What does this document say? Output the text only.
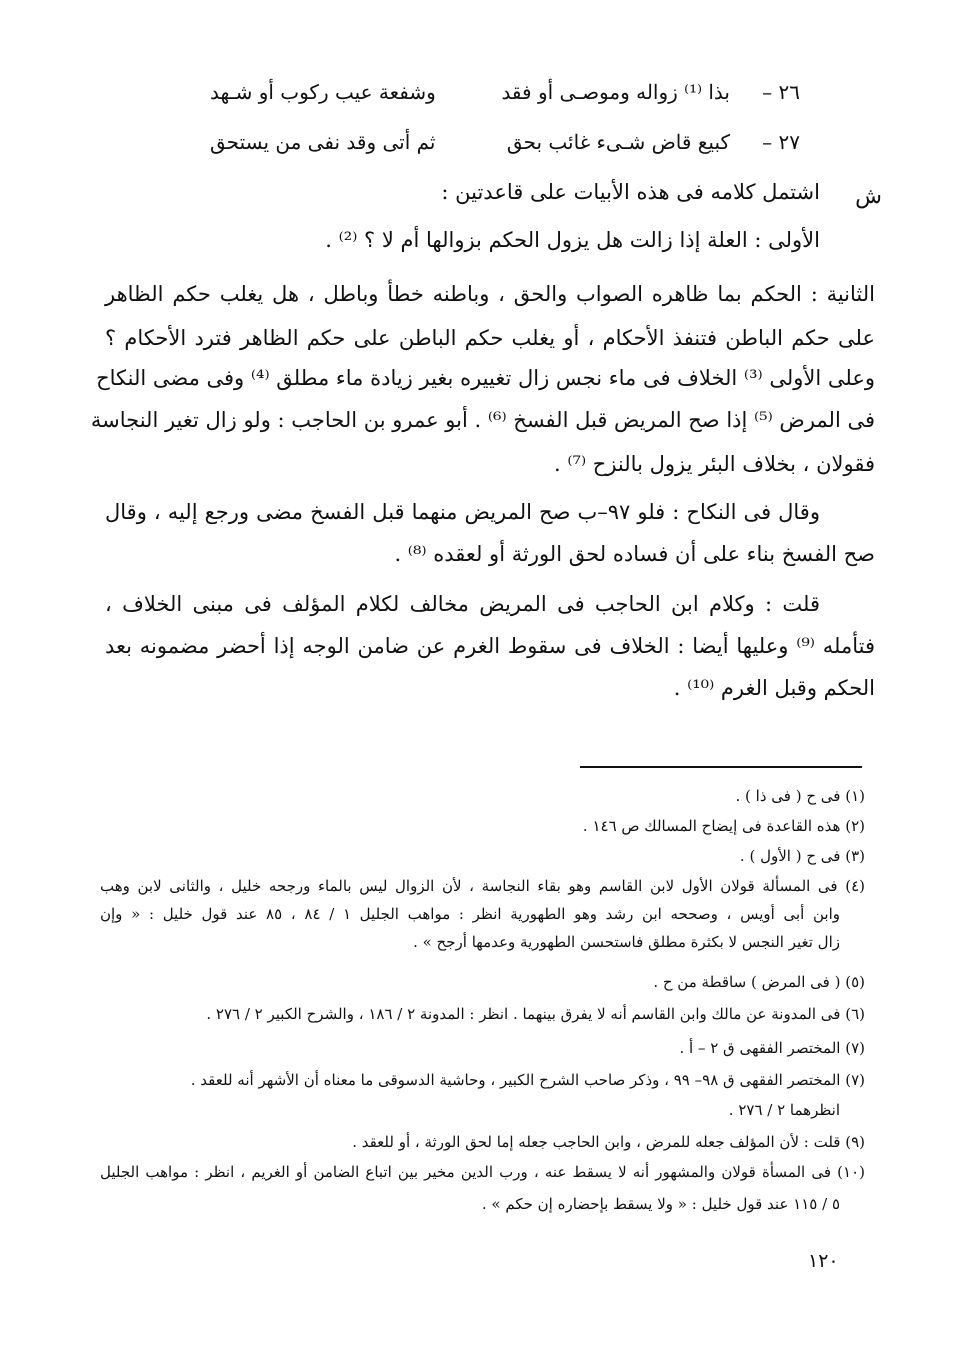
٢٦ –
بذا ⁽¹⁾ زواله وموصـى أو فقد
وشفعة عيب ركوب أو شـهد
٢٧ –
كبيع قاض شـىء غائب بحق
ثم أتى وقد نفى من يستحق
ش
اشتمل كلامه فى هذه الأبيات على قاعدتين :
الأولى : العلة إذا زالت هل يزول الحكم بزوالها أم لا ؟ ⁽²⁾ .
الثانية : الحكم بما ظاهره الصواب والحق ، وباطنه خطأ وباطل ، هل يغلب حكم الظاهر
على حكم الباطن فتنفذ الأحكام ، أو يغلب حكم الباطن على حكم الظاهر فترد الأحكام ؟
وعلى الأولى ⁽³⁾ الخلاف فى ماء نجس زال تغييره بغير زيادة ماء مطلق ⁽⁴⁾ وفى مضى النكاح
فى المرض ⁽⁵⁾ إذا صح المريض قبل الفسخ ⁽⁶⁾ . أبو عمرو بن الحاجب : ولو زال تغير النجاسة
فقولان ، بخلاف البئر يزول بالنزح ⁽⁷⁾ .
وقال فى النكاح : فلو ٩٧–ب صح المريض منهما قبل الفسخ مضى ورجع إليه ، وقال
صح الفسخ بناء على أن فساده لحق الورثة أو لعقده ⁽⁸⁾ .
قلت : وكلام ابن الحاجب فى المريض مخالف لكلام المؤلف فى مبنى الخلاف ،
فتأمله ⁽⁹⁾ وعليها أيضا : الخلاف فى سقوط الغرم عن ضامن الوجه إذا أحضر مضمونه بعد
الحكم وقبل الغرم ⁽¹⁰⁾ .
(١) فى ح ( فى ذا ) .
(٢) هذه القاعدة فى إيضاح المسالك ص ١٤٦ .
(٣) فى ح ( الأول ) .
(٤) فى المسألة قولان الأول لابن القاسم وهو بقاء النجاسة ، لأن الزوال ليس بالماء ورجحه خليل ، والثانى لابن وهب
وابن أبى أويس ، وصححه ابن رشد وهو الطهورية انظر : مواهب الجليل ١ / ٨٤ ، ٨٥ عند قول خليل : « وإن
زال تغير النجس لا بكثرة مطلق فاستحسن الطهورية وعدمها أرجح » .
(٥) ( فى المرض ) ساقطة من ح .
(٦) فى المدونة عن مالك وابن القاسم أنه لا يفرق بينهما . انظر : المدونة ٢ / ١٨٦ ، والشرح الكبير ٢ / ٢٧٦ .
(٧) المختصر الفقهى ق ٢ – أ .
(٧) المختصر الفقهى ق ٩٨– ٩٩ ، وذكر صاحب الشرح الكبير ، وحاشية الدسوقى ما معناه أن الأشهر أنه للعقد .
انظرهما ٢ / ٢٧٦ .
(٩) قلت : لأن المؤلف جعله للمرض ، وابن الحاجب جعله إما لحق الورثة ، أو للعقد .
(١٠) فى المسأة قولان والمشهور أنه لا يسقط عنه ، ورب الدين مخير بين اتباع الضامن أو الغريم ، انظر : مواهب الجليل
٥ / ١١٥ عند قول خليل : « ولا يسقط بإحضاره إن حكم » .
١٢٠
